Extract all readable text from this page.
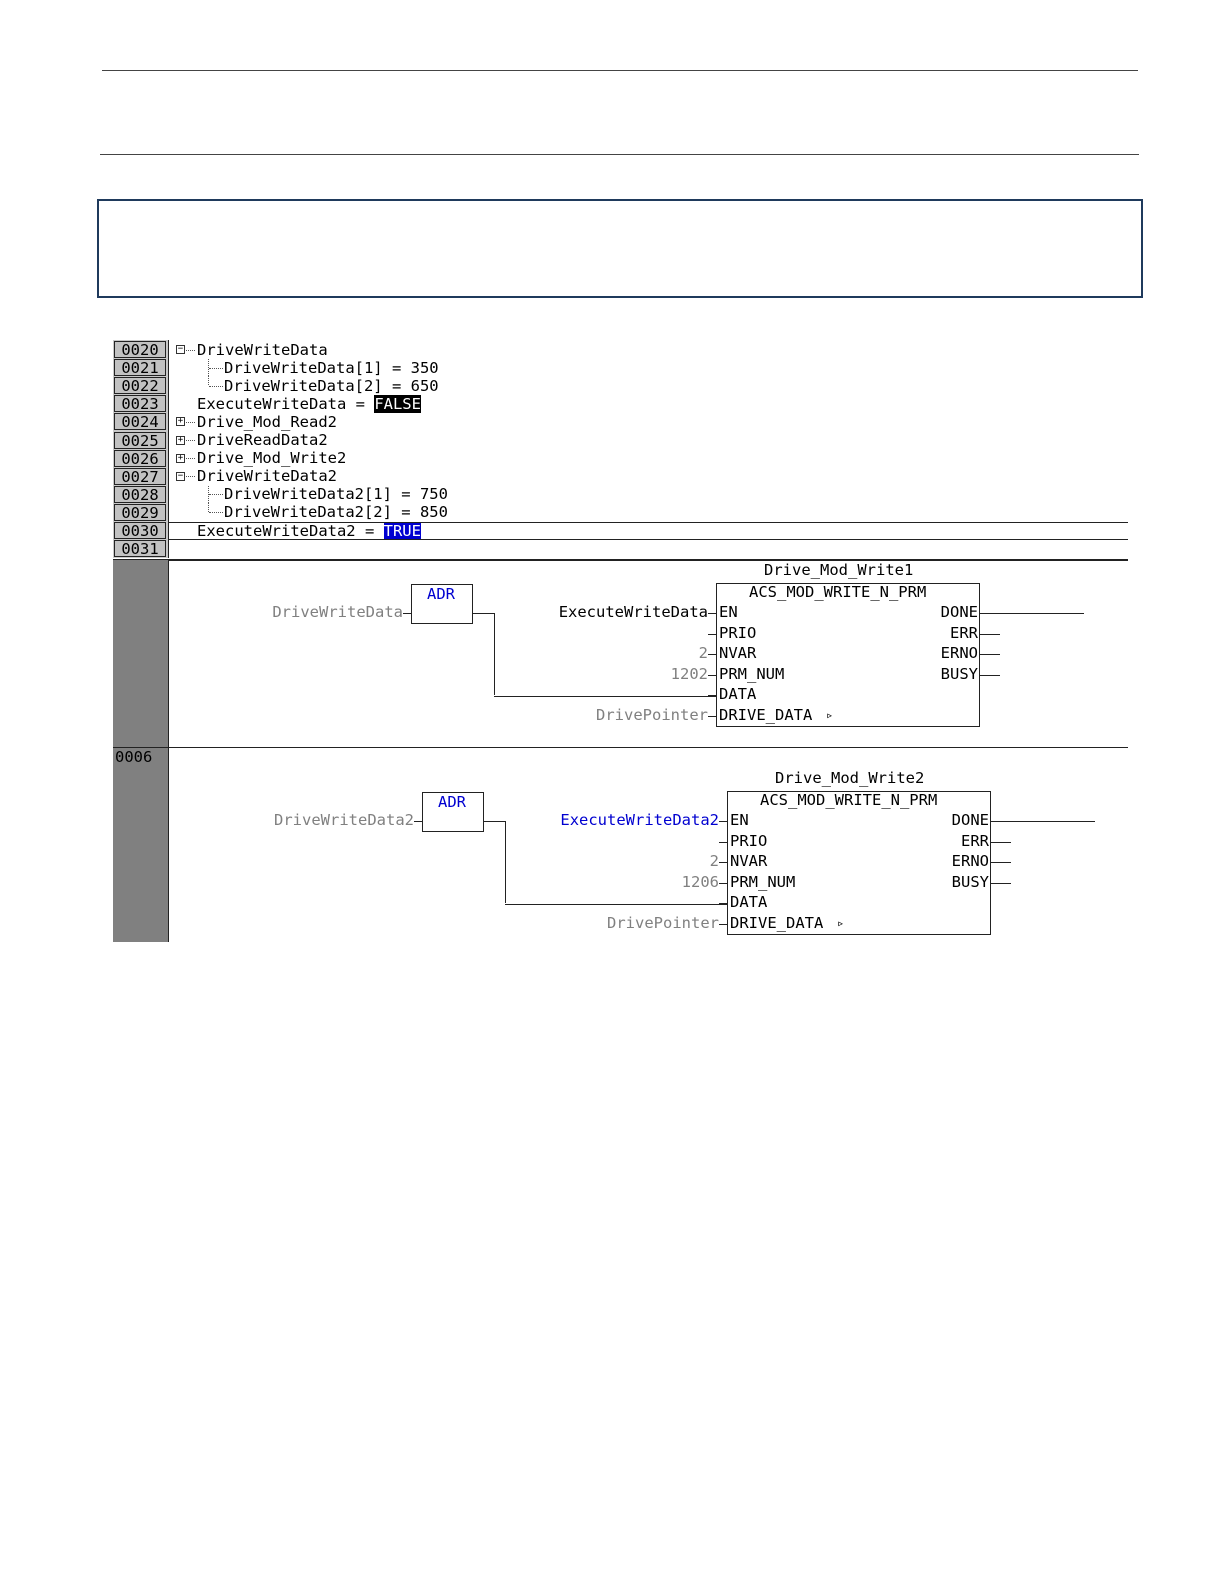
0020	− DriveWriteData
0021	DriveWriteData[1] = 350
0022	DriveWriteData[2] = 650
0023	ExecuteWriteData = FALSE
0024	+ Drive_Mod_Read2
0025	+ DriveReadData2
0026	+ Drive_Mod_Write2
0027	− DriveWriteData2
0028	DriveWriteData2[1] = 750
0029	DriveWriteData2[2] = 850
0030	ExecuteWriteData2 = TRUE
0031
0006
ADR
DriveWriteData
Drive_Mod_Write1
ACS_MOD_WRITE_N_PRM
EN
PRIO
NVAR
PRM_NUM
DATA
DRIVE_DATA
DONE
ERR
ERNO
BUSY
▹
ExecuteWriteData
2
1202
DrivePointer
ADR
DriveWriteData2
Drive_Mod_Write2
ACS_MOD_WRITE_N_PRM
EN
PRIO
NVAR
PRM_NUM
DATA
DRIVE_DATA
DONE
ERR
ERNO
BUSY
▹
ExecuteWriteData2
2
1206
DrivePointer
